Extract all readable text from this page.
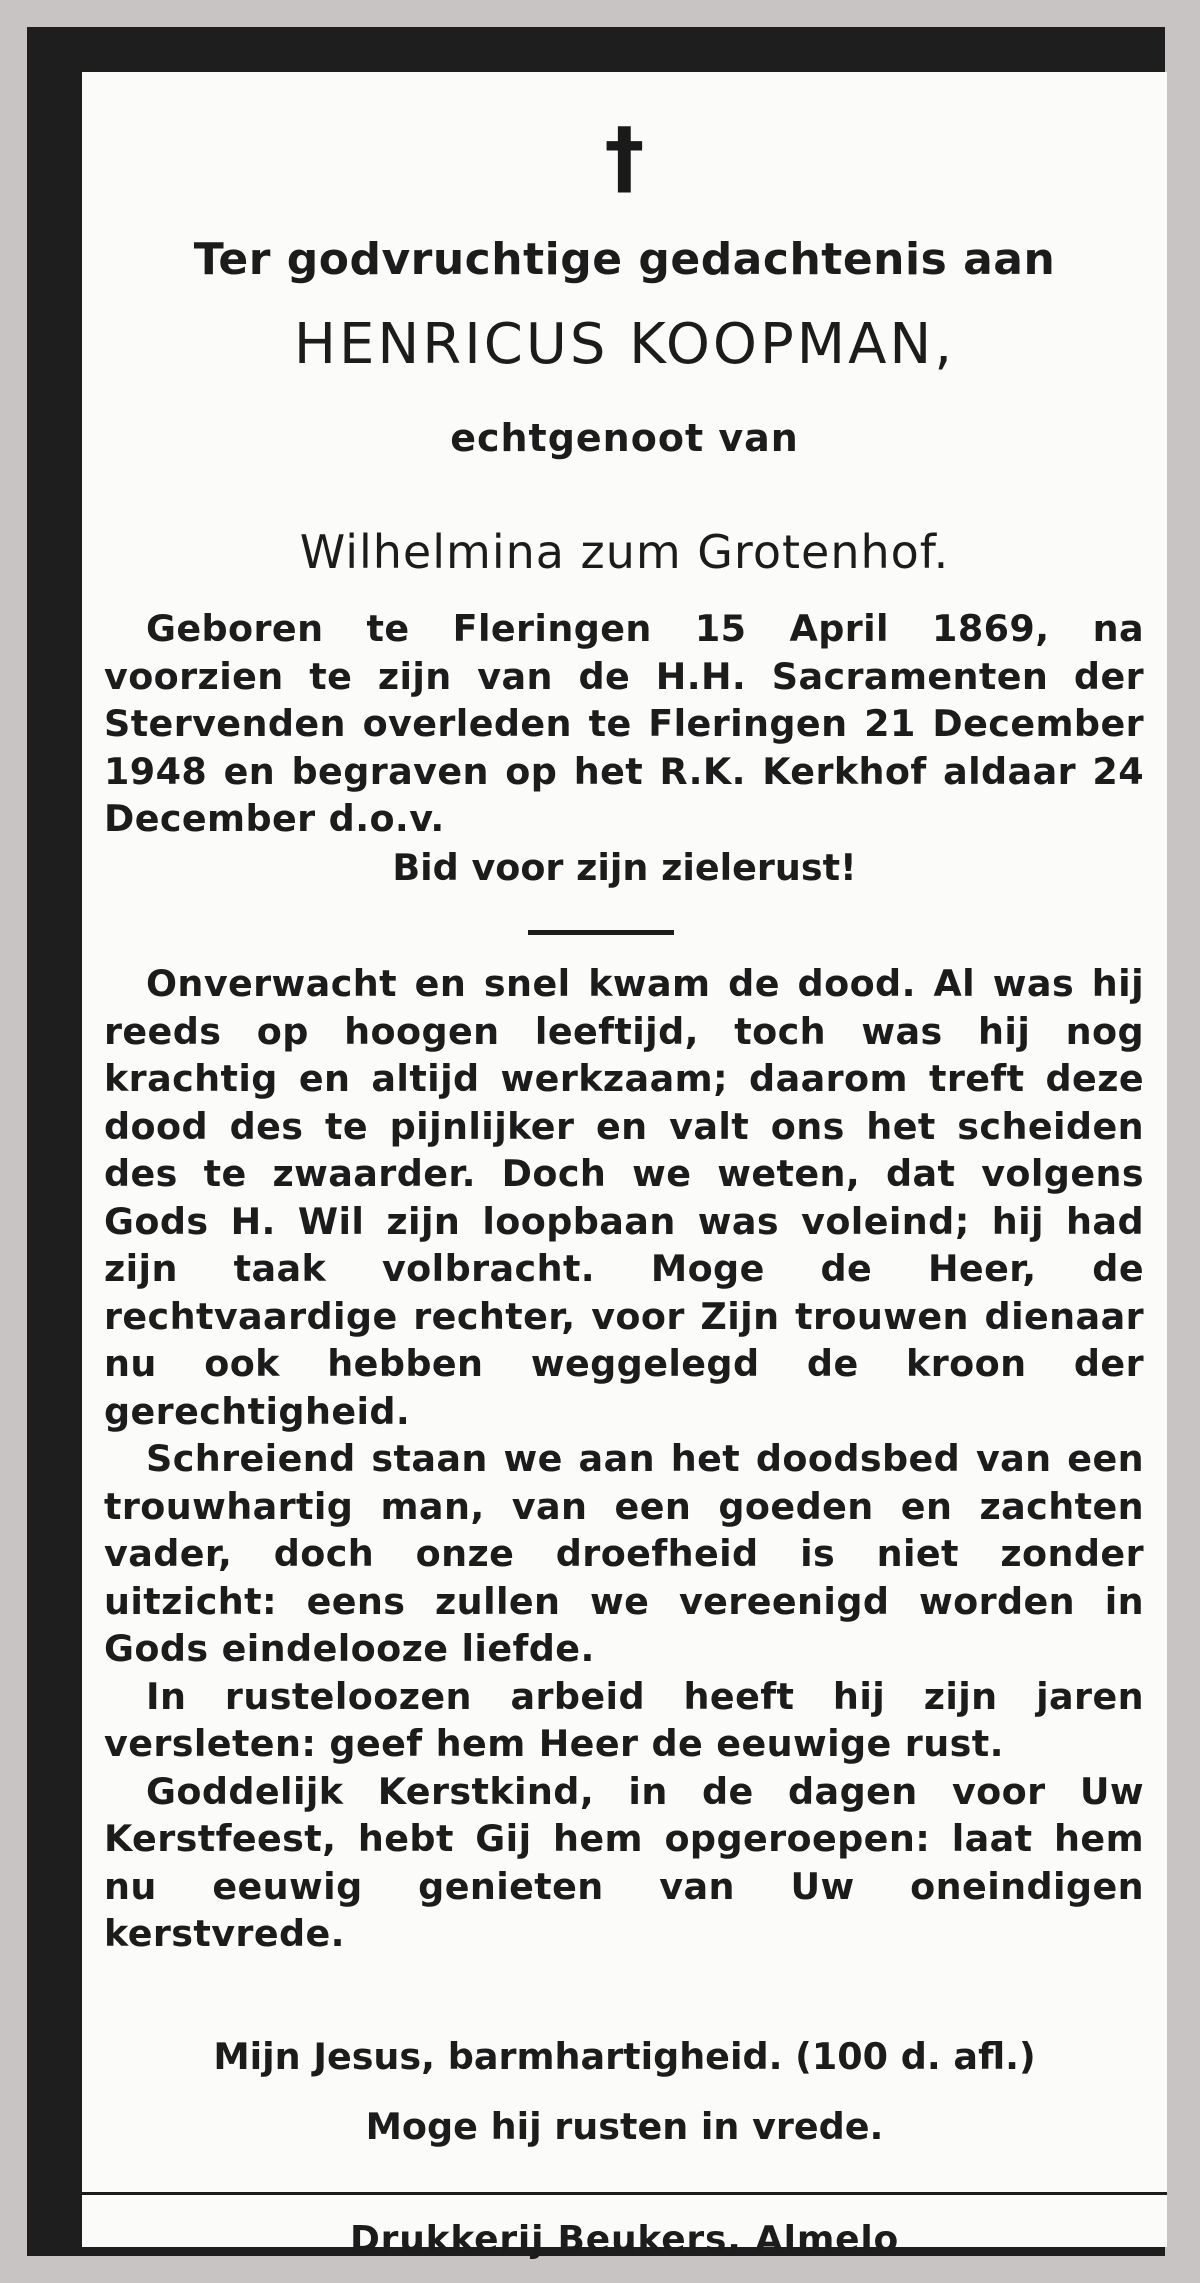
†
Ter godvruchtige gedachtenis aan
HENRICUS KOOPMAN,
echtgenoot van
Wilhelmina zum Grotenhof.
Geboren te Fleringen 15 April 1869, na voorzien te zijn van de H.H. Sacramenten der Stervenden overleden te Fleringen 21 December 1948 en begraven op het R.K. Kerkhof aldaar 24 December d.o.v.
Bid voor zijn zielerust!

Onverwacht en snel kwam de dood. Al was hij reeds op hoogen leeftijd, toch was hij nog krachtig en altijd werkzaam; daarom treft deze dood des te pijnlijker en valt ons het scheiden des te zwaarder. Doch we weten, dat volgens Gods H. Wil zijn loopbaan was voleind; hij had zijn taak volbracht. Moge de Heer, de rechtvaardige rechter, voor Zijn trouwen dienaar nu ook hebben weggelegd de kroon der gerechtigheid.

Schreiend staan we aan het doodsbed van een trouwhartig man, van een goeden en zachten vader, doch onze droefheid is niet zonder uitzicht: eens zullen we vereenigd worden in Gods eindelooze liefde.

In rusteloozen arbeid heeft hij zijn jaren versleten: geef hem Heer de eeuwige rust.

Goddelijk Kerstkind, in de dagen voor Uw Kerstfeest, hebt Gij hem opgeroepen: laat hem nu eeuwig genieten van Uw oneindigen kerstvrede.

Mijn Jesus, barmhartigheid. (100 d. afl.)
Moge hij rusten in vrede.
Drukkerij Beukers, Almelo
